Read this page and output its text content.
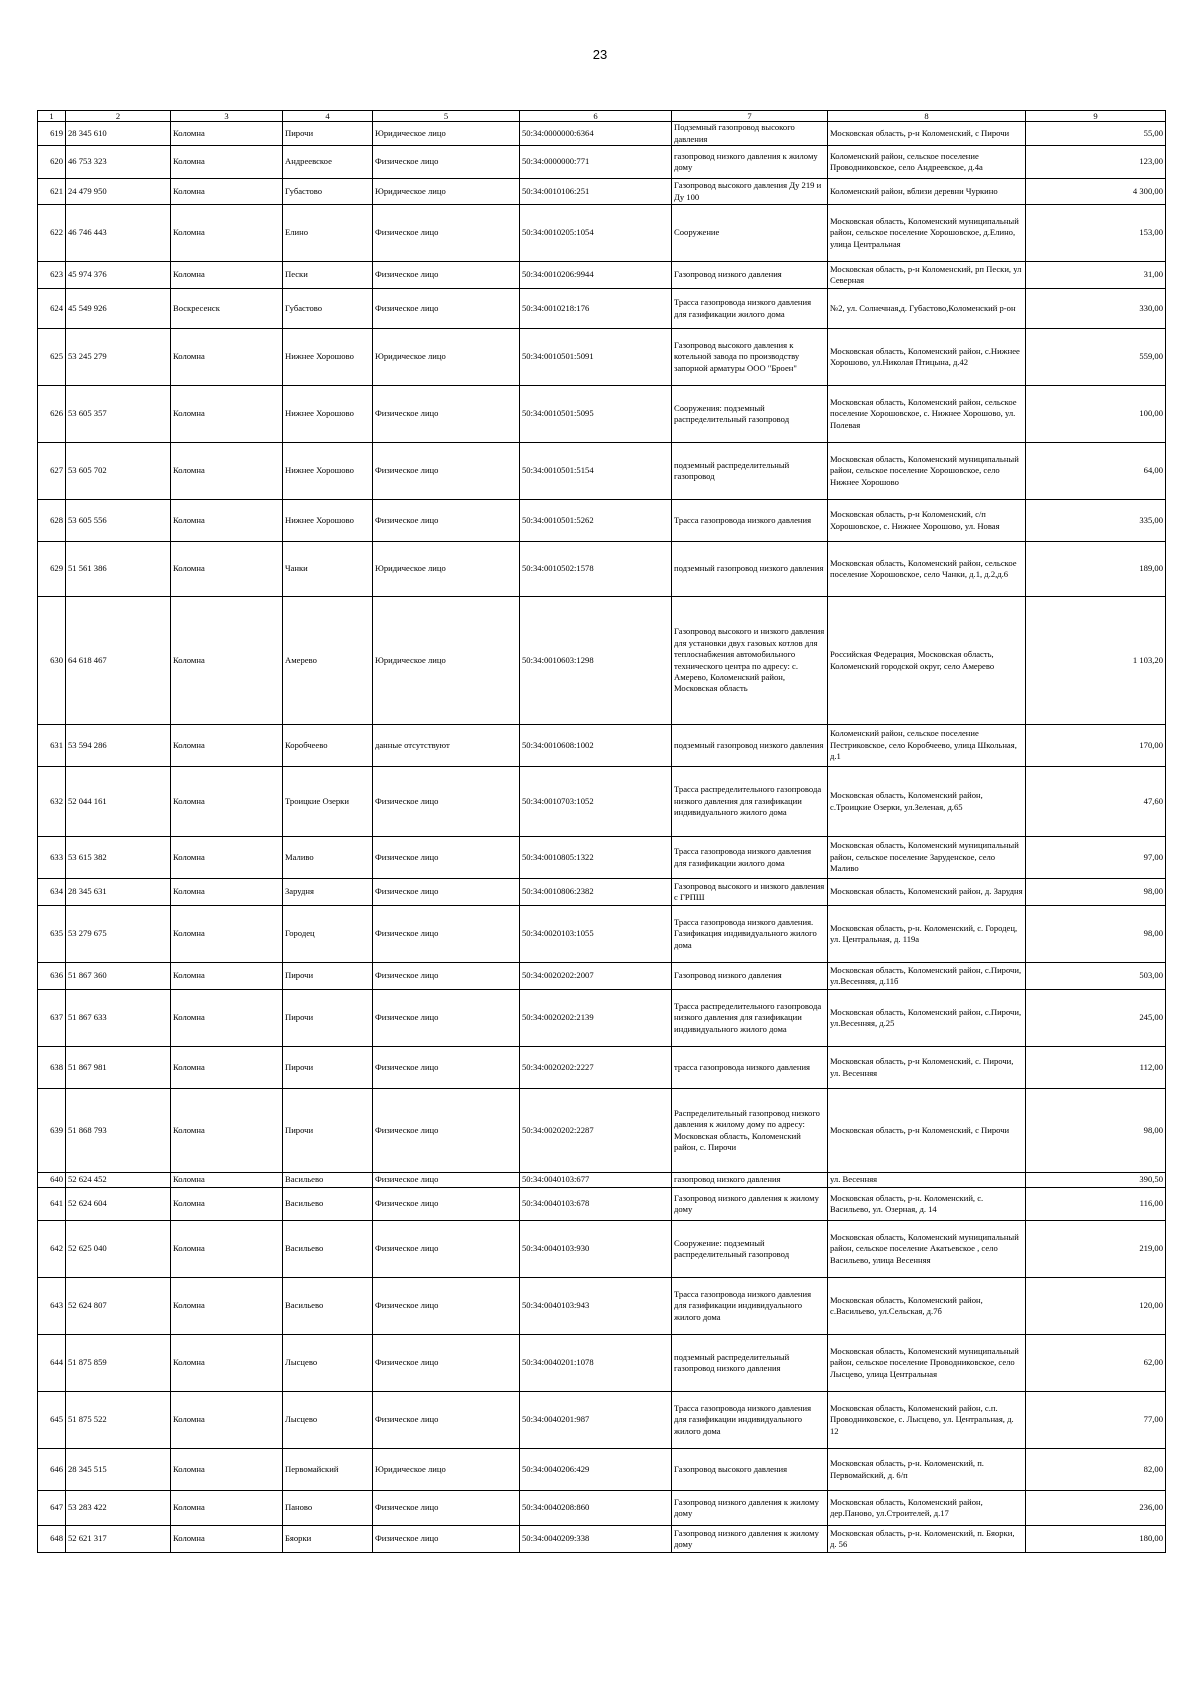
23
1	2	3	4	5	6	7	8	9
619	28 345 610	Коломна	Пирочи	Юридическое лицо	50:34:0000000:6364	Подземный газопровод высокого давления	Московская область, р-н Коломенский, с Пирочи	55,00
620	46 753 323	Коломна	Андреевское	Физическое лицо	50:34:0000000:771	газопровод низкого давления к жилому дому	Коломенский район, сельское поселение Проводниковское, село Андреевское, д.4а	123,00
621	24 479 950	Коломна	Губастово	Юридическое лицо	50:34:0010106:251	Газопровод высокого давления Ду 219 и Ду 100	Коломенский район, вблизи деревни Чуркино	4 300,00
622	46 746 443	Коломна	Елино	Физическое лицо	50:34:0010205:1054	Сооружение	Московская область, Коломенский муниципальный район, сельское поселение Хорошовское, д.Елино, улица Центральная	153,00
623	45 974 376	Коломна	Пески	Физическое лицо	50:34:0010206:9944	Газопровод низкого давления	Московская область, р-н Коломенский, рп Пески, ул Северная	31,00
624	45 549 926	Воскресенск	Губастово	Физическое лицо	50:34:0010218:176	Трасса газопровода низкого давления для газификации жилого дома	№2, ул. Солнечная,д. Губастово,Коломенский р-он	330,00
625	53 245 279	Коломна	Нижнее Хорошово	Юридическое лицо	50:34:0010501:5091	Газопровод высокого давления к котельной завода по производству запорной арматуры ООО "Броен"	Московская область, Коломенский район, с.Нижнее Хорошово, ул.Николая Птицына, д.42	559,00
626	53 605 357	Коломна	Нижнее Хорошово	Физическое лицо	50:34:0010501:5095	Сооружения: подземный распределительный газопровод	Московская область, Коломенский район, сельское поселение Хорошовское, с. Нижнее Хорошово, ул. Полевая	100,00
627	53 605 702	Коломна	Нижнее Хорошово	Физическое лицо	50:34:0010501:5154	подземный распределительный газопровод	Московская область, Коломенский муниципальный район, сельское поселение Хорошовское, село Нижнее Хорошово	64,00
628	53 605 556	Коломна	Нижнее Хорошово	Физическое лицо	50:34:0010501:5262	Трасса газопровода низкого давления	Московская область, р-н Коломенский, с/п Хорошовское, с. Нижнее Хорошово, ул. Новая	335,00
629	51 561 386	Коломна	Чанки	Юридическое лицо	50:34:0010502:1578	подземный газопровод низкого давления	Московская область, Коломенский район, сельское поселение Хорошовское, село Чанки, д.1, д.2,д.6	189,00
630	64 618 467	Коломна	Амерево	Юридическое лицо	50:34:0010603:1298	Газопровод высокого и низкого давления для установки двух газовых котлов для теплоснабжения автомобильного технического центра по адресу: с. Амерево, Коломенский район, Московская область	Российская Федерация, Московская область, Коломенский городской округ, село Амерево	1 103,20
631	53 594 286	Коломна	Коробчеево	данные отсутствуют	50:34:0010608:1002	подземный газопровод низкого давления	Коломенский район, сельское поселение Пестриковское, село Коробчеево, улица Школьная, д.1	170,00
632	52 044 161	Коломна	Троицкие Озерки	Физическое лицо	50:34:0010703:1052	Трасса распределительного газопровода низкого давления для газификации индивидуального жилого дома	Московская область, Коломенский район, с.Троицкие Озерки, ул.Зеленая, д.65	47,60
633	53 615 382	Коломна	Маливо	Физическое лицо	50:34:0010805:1322	Трасса газопровода низкого давления для газификации жилого дома	Московская область, Коломенский муниципальный район, сельское поселение Заруденское, село Маливо	97,00
634	28 345 631	Коломна	Зарудня	Физическое лицо	50:34:0010806:2382	Газопровод высокого и низкого давления с ГРПШ	Московская область, Коломенский район, д. Зарудня	98,00
635	53 279 675	Коломна	Городец	Физическое лицо	50:34:0020103:1055	Трасса газопровода низкого давления. Газификация индивидуального жилого дома	Московская область, р-н. Коломенский, с. Городец, ул. Центральная, д. 119а	98,00
636	51 867 360	Коломна	Пирочи	Физическое лицо	50:34:0020202:2007	Газопровод низкого давления	Московская область, Коломенский район, с.Пирочи, ул.Весенняя, д.11б	503,00
637	51 867 633	Коломна	Пирочи	Физическое лицо	50:34:0020202:2139	Трасса распределительного газопровода низкого давления для газификации индивидуального жилого дома	Московская область, Коломенский район, с.Пирочи, ул.Весенняя, д.25	245,00
638	51 867 981	Коломна	Пирочи	Физическое лицо	50:34:0020202:2227	трасса газопровода низкого давления	Московская область, р-н Коломенский, с. Пирочи, ул. Весенняя	112,00
639	51 868 793	Коломна	Пирочи	Физическое лицо	50:34:0020202:2287	Распределительный газопровод низкого давления к жилому дому по адресу: Московская область, Коломенский район, с. Пирочи	Московская область, р-н Коломенский, с Пирочи	98,00
640	52 624 452	Коломна	Васильево	Физическое лицо	50:34:0040103:677	газопровод низкого давления	ул. Весенняя	390,50
641	52 624 604	Коломна	Васильево	Физическое лицо	50:34:0040103:678	Газопровод низкого давления к жилому дому	Московская область, р-н. Коломенский, с. Васильево, ул. Озерная, д. 14	116,00
642	52 625 040	Коломна	Васильево	Физическое лицо	50:34:0040103:930	Сооружение: подземный распределительный газопровод	Московская область, Коломенский муниципальный район, сельское поселение Акатьевское , село Васильево, улица Весенняя	219,00
643	52 624 807	Коломна	Васильево	Физическое лицо	50:34:0040103:943	Трасса газопровода низкого давления для газификации индивидуального жилого дома	Московская область, Коломенский район, с.Васильево, ул.Сельская, д.7б	120,00
644	51 875 859	Коломна	Лысцево	Физическое лицо	50:34:0040201:1078	подземный распределительный газопровод низкого давления	Московская область, Коломенский муниципальный район, сельское поселение Проводниковское, село Лысцево, улица Центральная	62,00
645	51 875 522	Коломна	Лысцево	Физическое лицо	50:34:0040201:987	Трасса газопровода низкого давления для газификации индивидуального жилого дома	Московская область, Коломенский район, с.п. Проводниковское, с. Лысцево, ул. Центральная, д. 12	77,00
646	28 345 515	Коломна	Первомайский	Юридическое лицо	50:34:0040206:429	Газопровод высокого давления	Московская область, р-н. Коломенский, п. Первомайский, д. 6/п	82,00
647	53 283 422	Коломна	Паново	Физическое лицо	50:34:0040208:860	Газопровод низкого давления к жилому дому	Московская область, Коломенский район, дер.Паново, ул.Строителей, д.17	236,00
648	52 621 317	Коломна	Бяорки	Физическое лицо	50:34:0040209:338	Газопровод низкого давления к жилому дому	Московская область, р-н. Коломенский, п. Бяорки, д. 56	180,00
